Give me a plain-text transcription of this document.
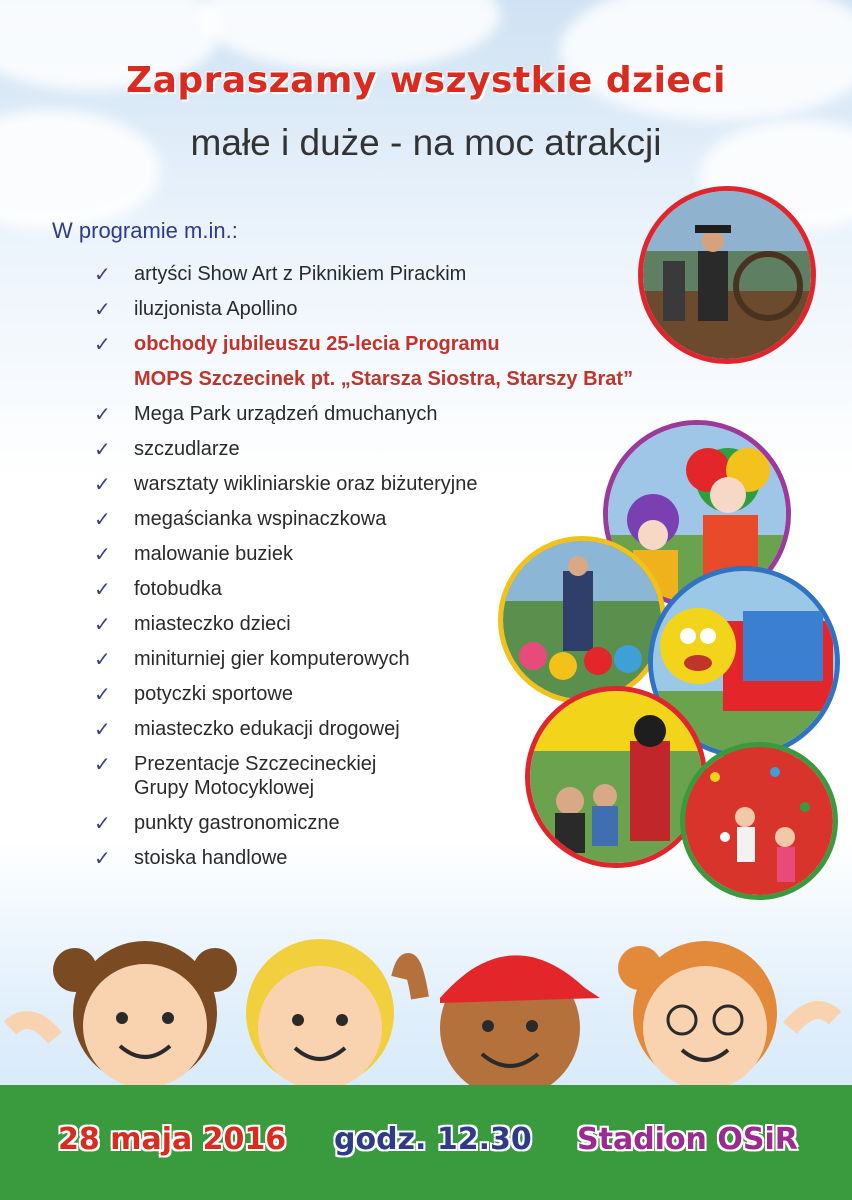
Zapraszamy wszystkie dzieci
małe i duże - na moc atrakcji
W programie m.in.:
✓ artyści Show Art z Piknikiem Pirackim
✓ iluzjonista Apollino
✓ obchody jubileuszu 25-lecia Programu
MOPS Szczecinek pt. „Starsza Siostra, Starszy Brat”
✓ Mega Park urządzeń dmuchanych
✓ szczudlarze
✓ warsztaty wikliniarskie oraz biżuteryjne
✓ megaścianka wspinaczkowa
✓ malowanie buziek
✓ fotobudka
✓ miasteczko dzieci
✓ miniturniej gier komputerowych
✓ potyczki sportowe
✓ miasteczko edukacji drogowej
✓ Prezentacje Szczecineckiej
Grupy Motocyklowej
✓ punkty gastronomiczne
✓ stoiska handlowe
28 maja 2016 godz. 12.30 Stadion OSiR
